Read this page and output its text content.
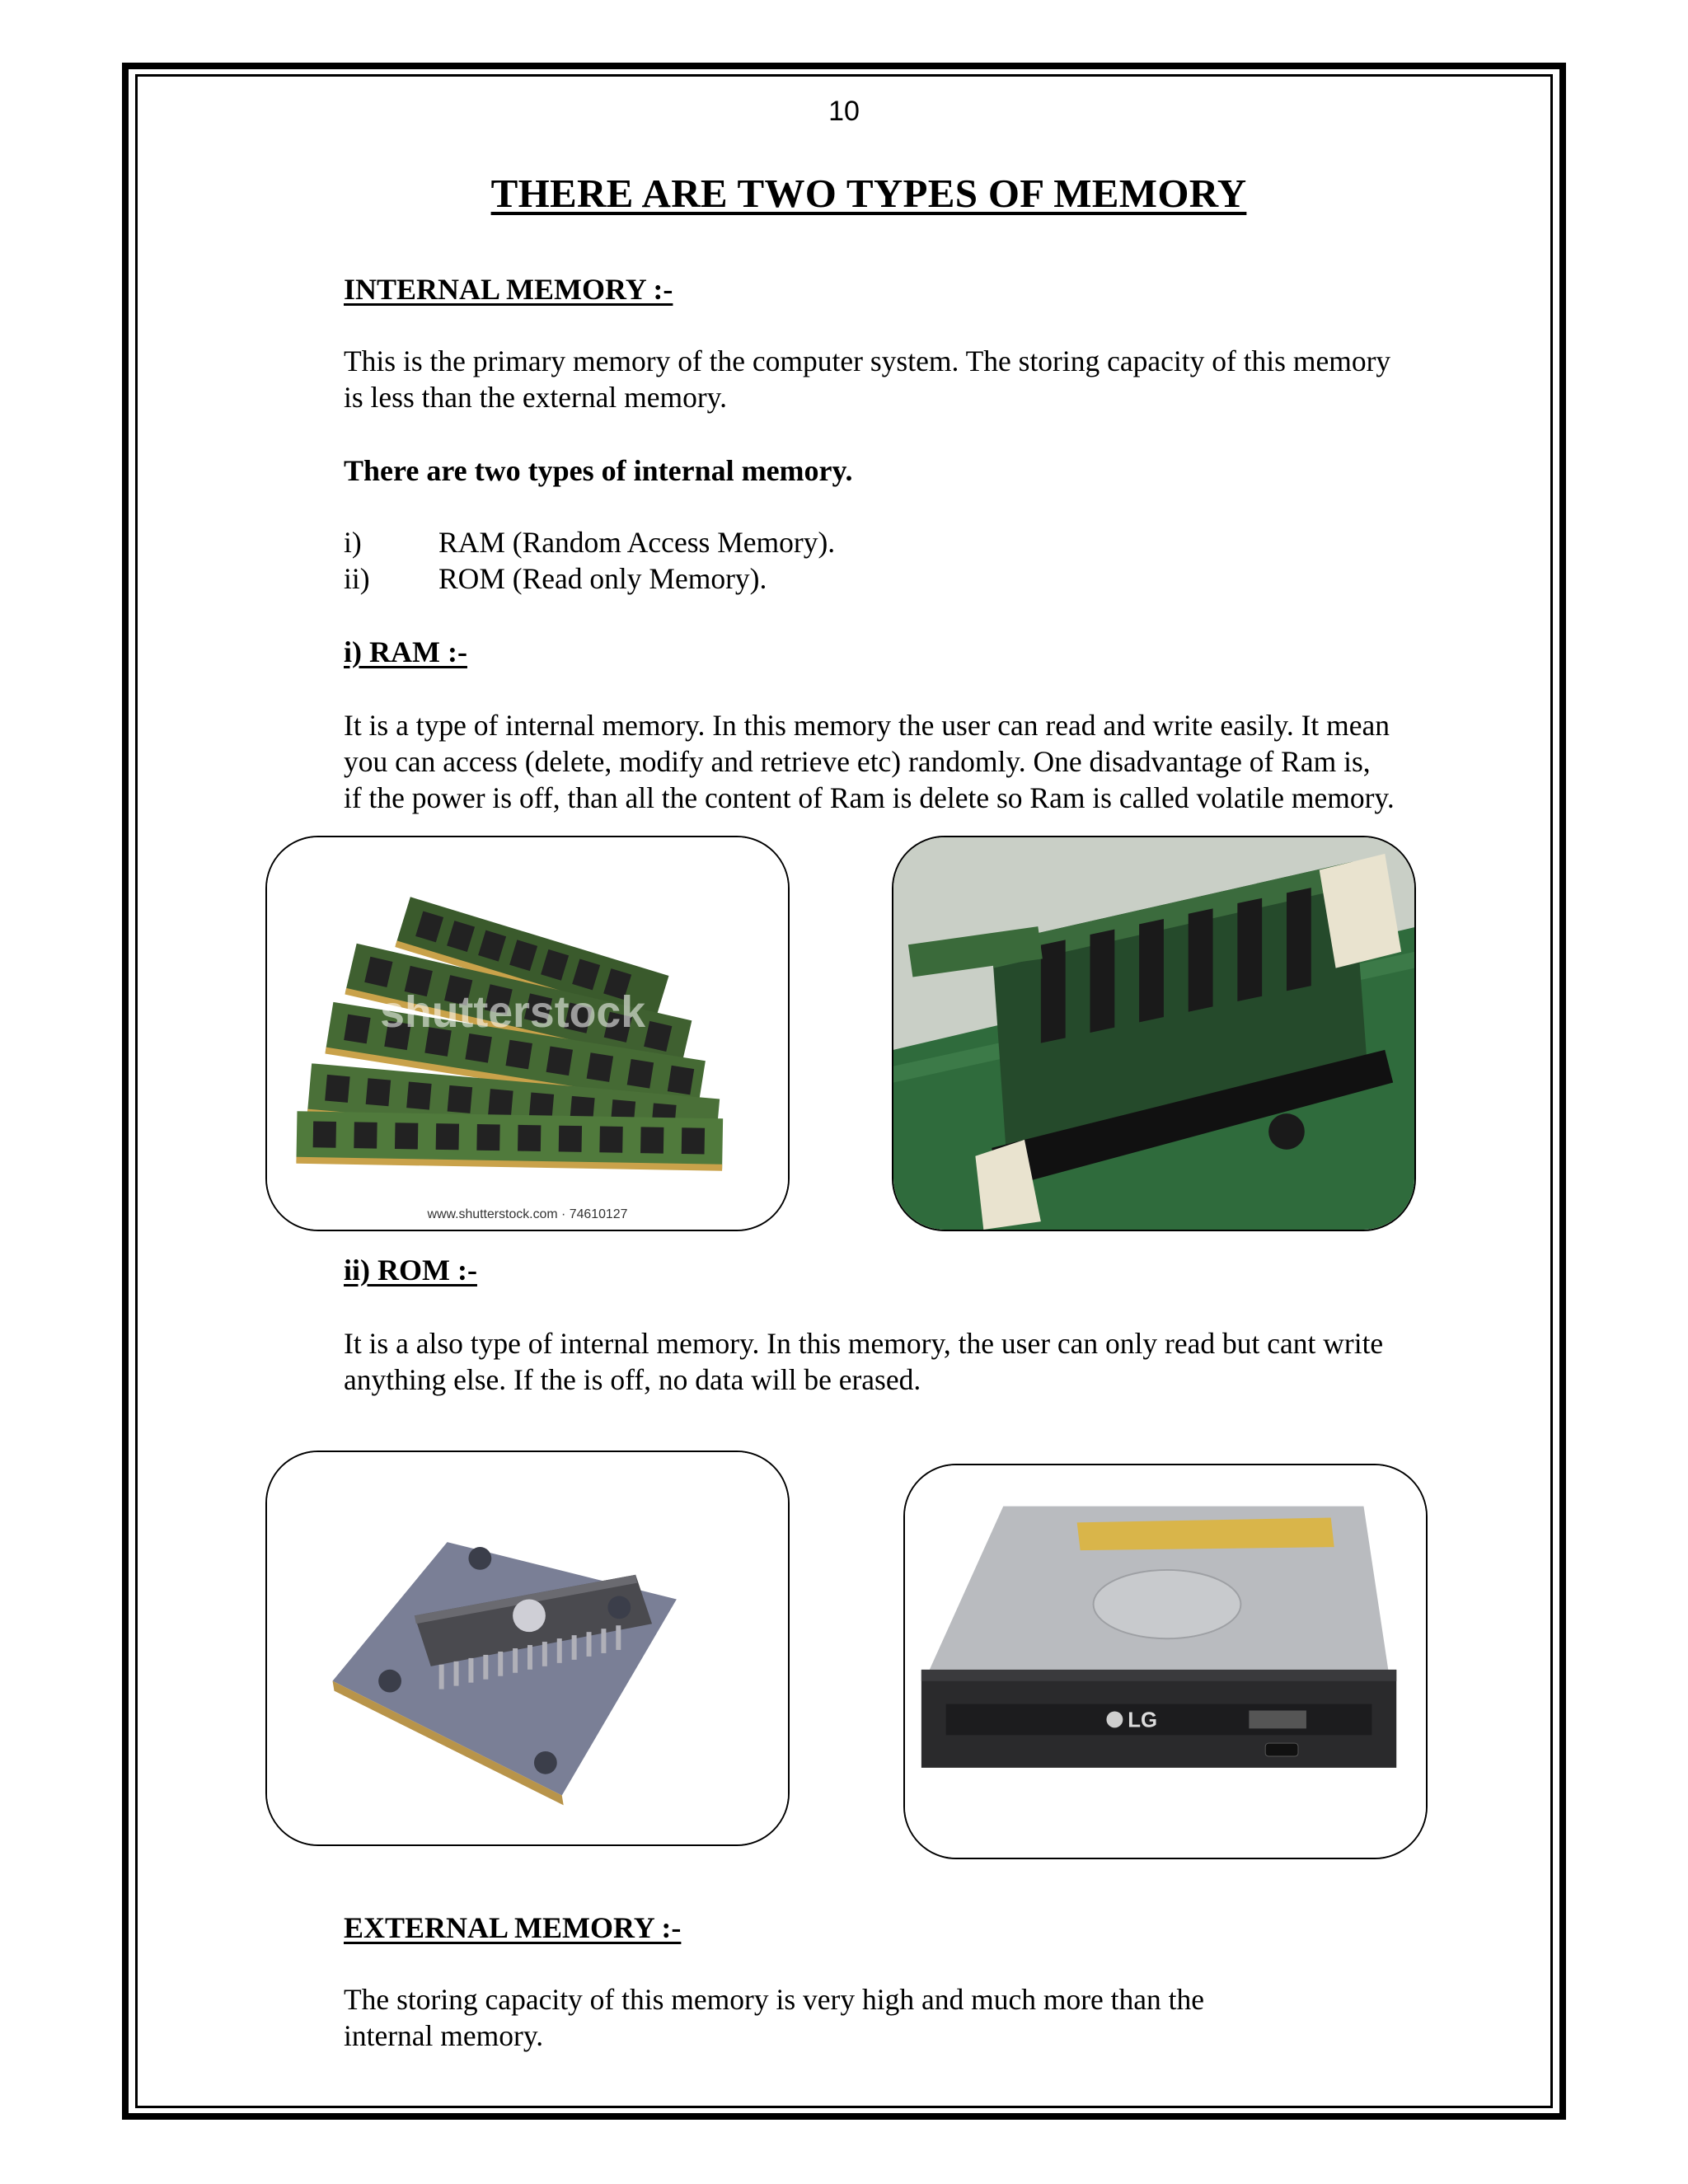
10
THERE ARE TWO TYPES OF MEMORY
INTERNAL MEMORY :-
This is the primary memory of the computer system. The storing capacity of this memory
is less than the external memory.
There are two types of internal memory.
i)	RAM (Random Access Memory).
ii) ROM (Read only Memory).
i) RAM :-
It is a type of internal memory. In this memory the user can read and write easily. It mean
you can access (delete, modify and retrieve etc) randomly. One disadvantage of Ram is,
if the power is off, than all the content of Ram is delete so Ram is called volatile memory.
shutterstock
www.shutterstock.com · 74610127
ii) ROM :-
It is a also type of internal memory. In this memory, the user can only read but cant write
anything else. If the is off, no data will be erased.
LG
EXTERNAL MEMORY :-
The storing capacity of this memory is very high and much more than the
internal memory.
